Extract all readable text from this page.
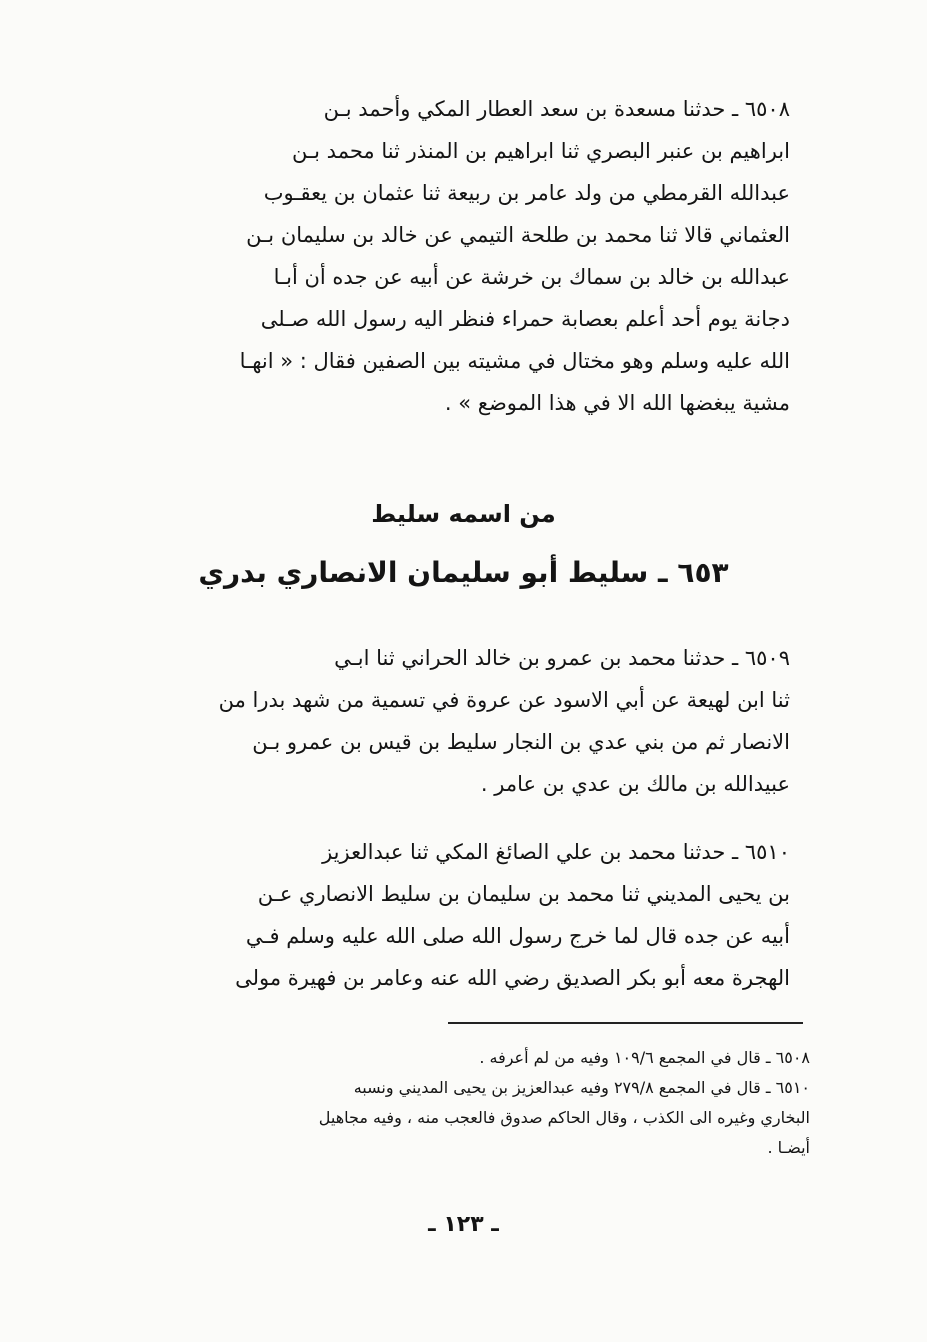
٦٥٠٨ ـ حدثنا مسعدة بن سعد العطار المكي وأحمد بـن
ابراهيم بن عنبر البصري ثنا ابراهيم بن المنذر ثنا محمد بـن
عبدالله القرمطي من ولد عامر بن ربيعة ثنا عثمان بن يعقـوب
العثماني قالا ثنا محمد بن طلحة التيمي عن خالد بن سليمان بـن
عبدالله بن خالد بن سماك بن خرشة عن أبيه عن جده أن أبـا
دجانة يوم أحد أعلم بعصابة حمراء فنظر اليه رسول الله صـلى
الله عليه وسلم وهو مختال في مشيته بين الصفين فقال : « انهـا
مشية يبغضها الله الا في هذا الموضع » .

من اسمه سليط
٦٥٣ ـ سليط أبو سليمان الانصاري بدري

٦٥٠٩ ـ حدثنا محمد بن عمرو بن خالد الحراني ثنا ابـي
ثنا ابن لهيعة عن أبي الاسود عن عروة في تسمية من شهد بدرا من
الانصار ثم من بني عدي بن النجار سليط بن قيس بن عمرو بـن
عبيدالله بن مالك بن عدي بن عامر .

٦٥١٠ ـ حدثنا محمد بن علي الصائغ المكي ثنا عبدالعزيز
بن يحيى المديني ثنا محمد بن سليمان بن سليط الانصاري عـن
أبيه عن جده قال لما خرج رسول الله صلى الله عليه وسلم فـي
الهجرة معه أبو بكر الصديق رضي الله عنه وعامر بن فهيرة مولى

٦٥٠٨ ـ قال في المجمع ١٠٩/٦ وفيه من لم أعرفه .
٦٥١٠ ـ قال في المجمع ٢٧٩/٨ وفيه عبدالعزيز بن يحيى المديني ونسبه
البخاري وغيره الى الكذب ، وقال الحاكم صدوق فالعجب منه ، وفيه مجاهيل
أيضـا .
ـ ١٢٣ ـ
